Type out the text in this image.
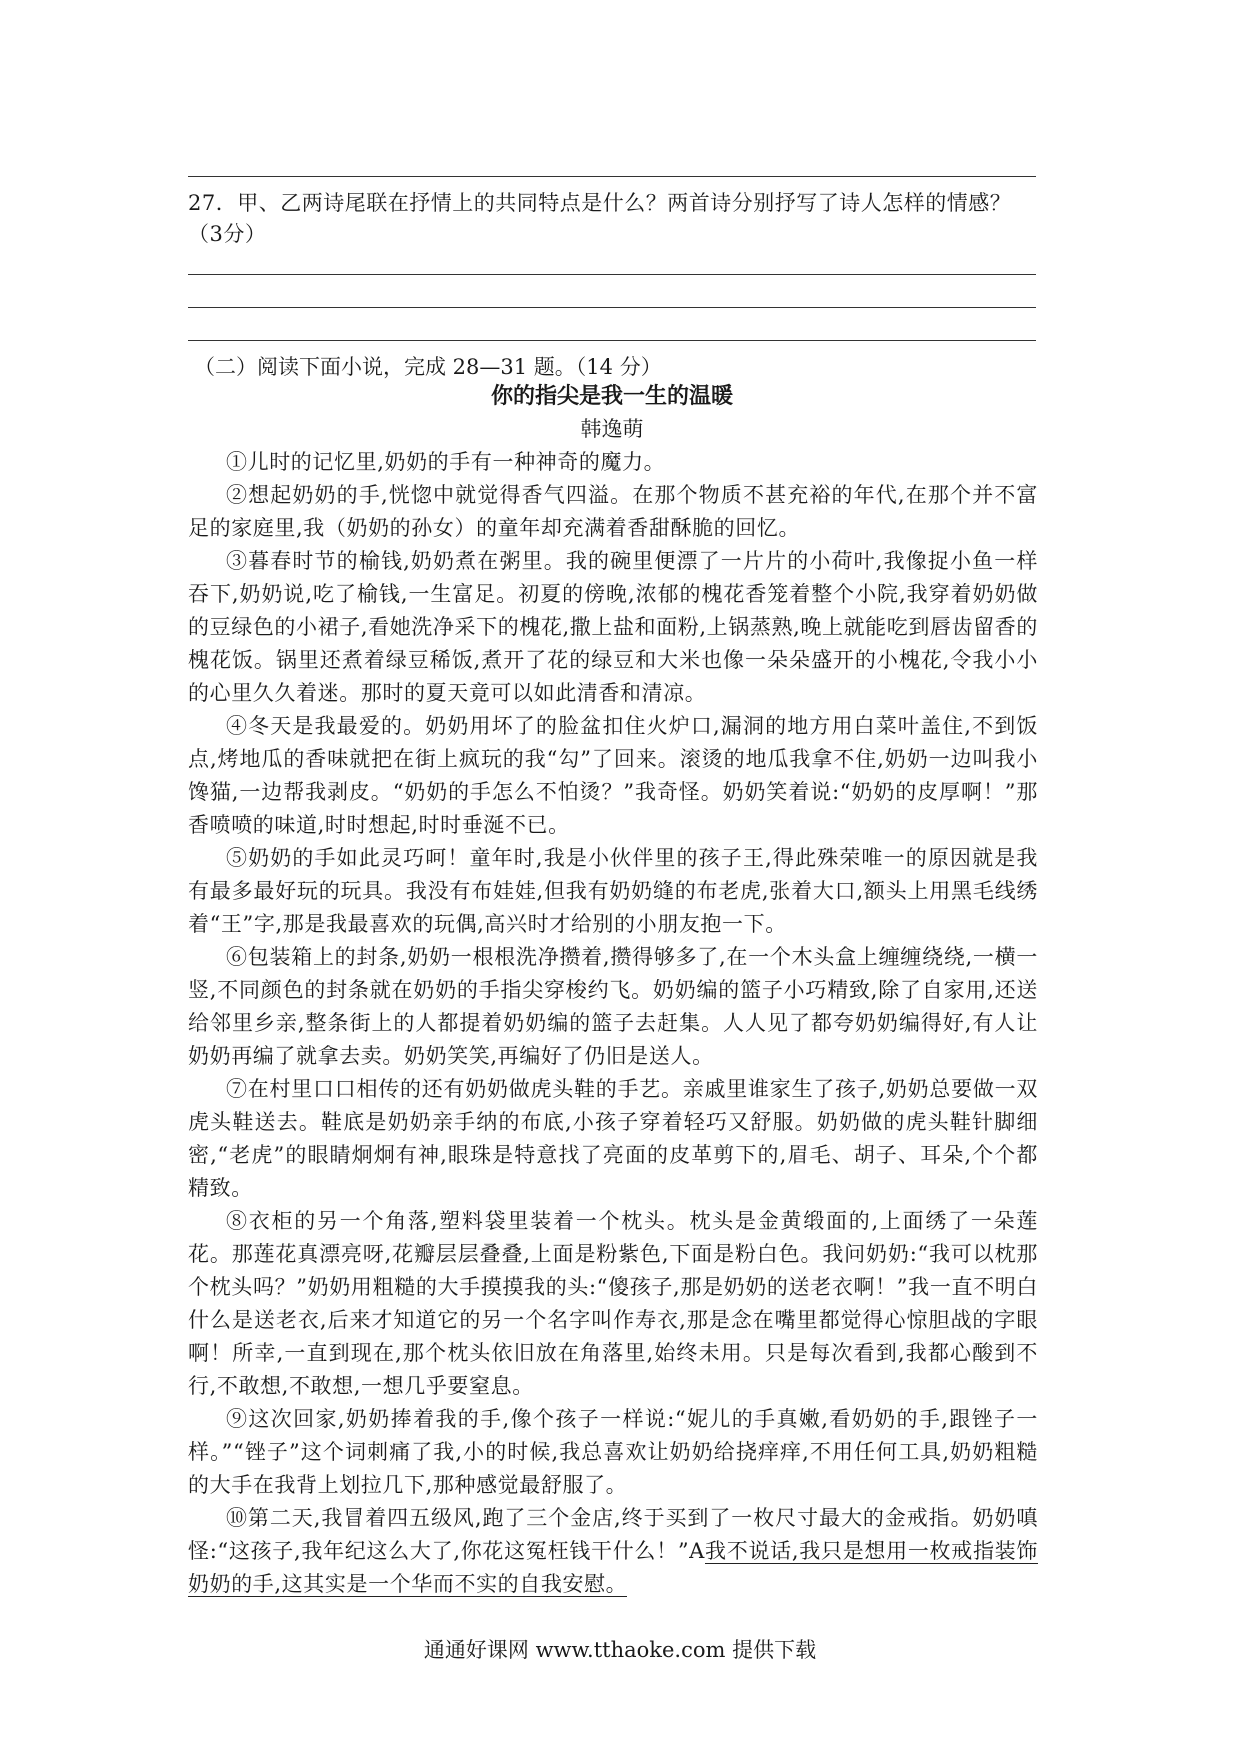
27．甲、乙两诗尾联在抒情上的共同特点是什么？两首诗分别抒写了诗人怎样的情感？（3分）
（二）阅读下面小说，完成 28—31 题。（14 分）
你的指尖是我一生的温暖
韩逸萌

①儿时的记忆里,奶奶的手有一种神奇的魔力。

②想起奶奶的手,恍惚中就觉得香气四溢。在那个物质不甚充裕的年代,在那个并不富足的家庭里,我（奶奶的孙女）的童年却充满着香甜酥脆的回忆。

③暮春时节的榆钱,奶奶煮在粥里。我的碗里便漂了一片片的小荷叶,我像捉小鱼一样吞下,奶奶说,吃了榆钱,一生富足。初夏的傍晚,浓郁的槐花香笼着整个小院,我穿着奶奶做的豆绿色的小裙子,看她洗净采下的槐花,撒上盐和面粉,上锅蒸熟,晚上就能吃到唇齿留香的槐花饭。锅里还煮着绿豆稀饭,煮开了花的绿豆和大米也像一朵朵盛开的小槐花,令我小小的心里久久着迷。那时的夏天竟可以如此清香和清凉。

④冬天是我最爱的。奶奶用坏了的脸盆扣住火炉口,漏洞的地方用白菜叶盖住,不到饭点,烤地瓜的香味就把在街上疯玩的我“勾”了回来。滚烫的地瓜我拿不住,奶奶一边叫我小馋猫,一边帮我剥皮。“奶奶的手怎么不怕烫？”我奇怪。奶奶笑着说:“奶奶的皮厚啊！”那香喷喷的味道,时时想起,时时垂涎不已。

⑤奶奶的手如此灵巧呵！童年时,我是小伙伴里的孩子王,得此殊荣唯一的原因就是我有最多最好玩的玩具。我没有布娃娃,但我有奶奶缝的布老虎,张着大口,额头上用黑毛线绣着“王”字,那是我最喜欢的玩偶,高兴时才给别的小朋友抱一下。

⑥包装箱上的封条,奶奶一根根洗净攒着,攒得够多了,在一个木头盒上缠缠绕绕,一横一竖,不同颜色的封条就在奶奶的手指尖穿梭约飞。奶奶编的篮子小巧精致,除了自家用,还送给邻里乡亲,整条街上的人都提着奶奶编的篮子去赶集。人人见了都夸奶奶编得好,有人让奶奶再编了就拿去卖。奶奶笑笑,再编好了仍旧是送人。

⑦在村里口口相传的还有奶奶做虎头鞋的手艺。亲戚里谁家生了孩子,奶奶总要做一双虎头鞋送去。鞋底是奶奶亲手纳的布底,小孩子穿着轻巧又舒服。奶奶做的虎头鞋针脚细密,“老虎”的眼睛炯炯有神,眼珠是特意找了亮面的皮革剪下的,眉毛、胡子、耳朵,个个都精致。

⑧衣柜的另一个角落,塑料袋里装着一个枕头。枕头是金黄缎面的,上面绣了一朵莲花。那莲花真漂亮呀,花瓣层层叠叠,上面是粉紫色,下面是粉白色。我问奶奶:“我可以枕那个枕头吗？”奶奶用粗糙的大手摸摸我的头:“傻孩子,那是奶奶的送老衣啊！”我一直不明白什么是送老衣,后来才知道它的另一个名字叫作寿衣,那是念在嘴里都觉得心惊胆战的字眼啊！所幸,一直到现在,那个枕头依旧放在角落里,始终未用。只是每次看到,我都心酸到不行,不敢想,不敢想,一想几乎要窒息。

⑨这次回家,奶奶捧着我的手,像个孩子一样说:“妮儿的手真嫩,看奶奶的手,跟锉子一样。”“锉子”这个词刺痛了我,小的时候,我总喜欢让奶奶给挠痒痒,不用任何工具,奶奶粗糙的大手在我背上划拉几下,那种感觉最舒服了。

⑩第二天,我冒着四五级风,跑了三个金店,终于买到了一枚尺寸最大的金戒指。奶奶嗔怪:“这孩子,我年纪这么大了,你花这冤枉钱干什么！”A我不说话,我只是想用一枚戒指装饰奶奶的手,这其实是一个华而不实的自我安慰。

通通好课网 www.tthaoke.com 提供下载
